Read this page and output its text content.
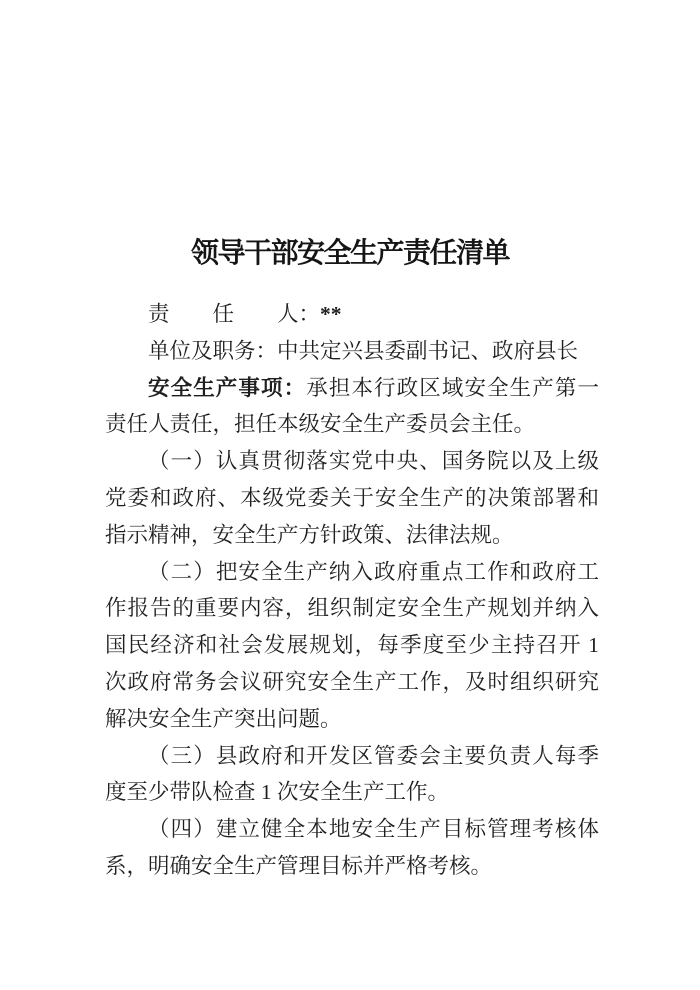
领导干部安全生产责任清单

责　　任　　人：**

单位及职务：中共定兴县委副书记、政府县长

安全生产事项：承担本行政区域安全生产第一责任人责任，担任本级安全生产委员会主任。

（一）认真贯彻落实党中央、国务院以及上级党委和政府、本级党委关于安全生产的决策部署和指示精神，安全生产方针政策、法律法规。

（二）把安全生产纳入政府重点工作和政府工作报告的重要内容，组织制定安全生产规划并纳入国民经济和社会发展规划，每季度至少主持召开 1 次政府常务会议研究安全生产工作，及时组织研究解决安全生产突出问题。

（三）县政府和开发区管委会主要负责人每季度至少带队检查 1 次安全生产工作。

（四）建立健全本地安全生产目标管理考核体系，明确安全生产管理目标并严格考核。
